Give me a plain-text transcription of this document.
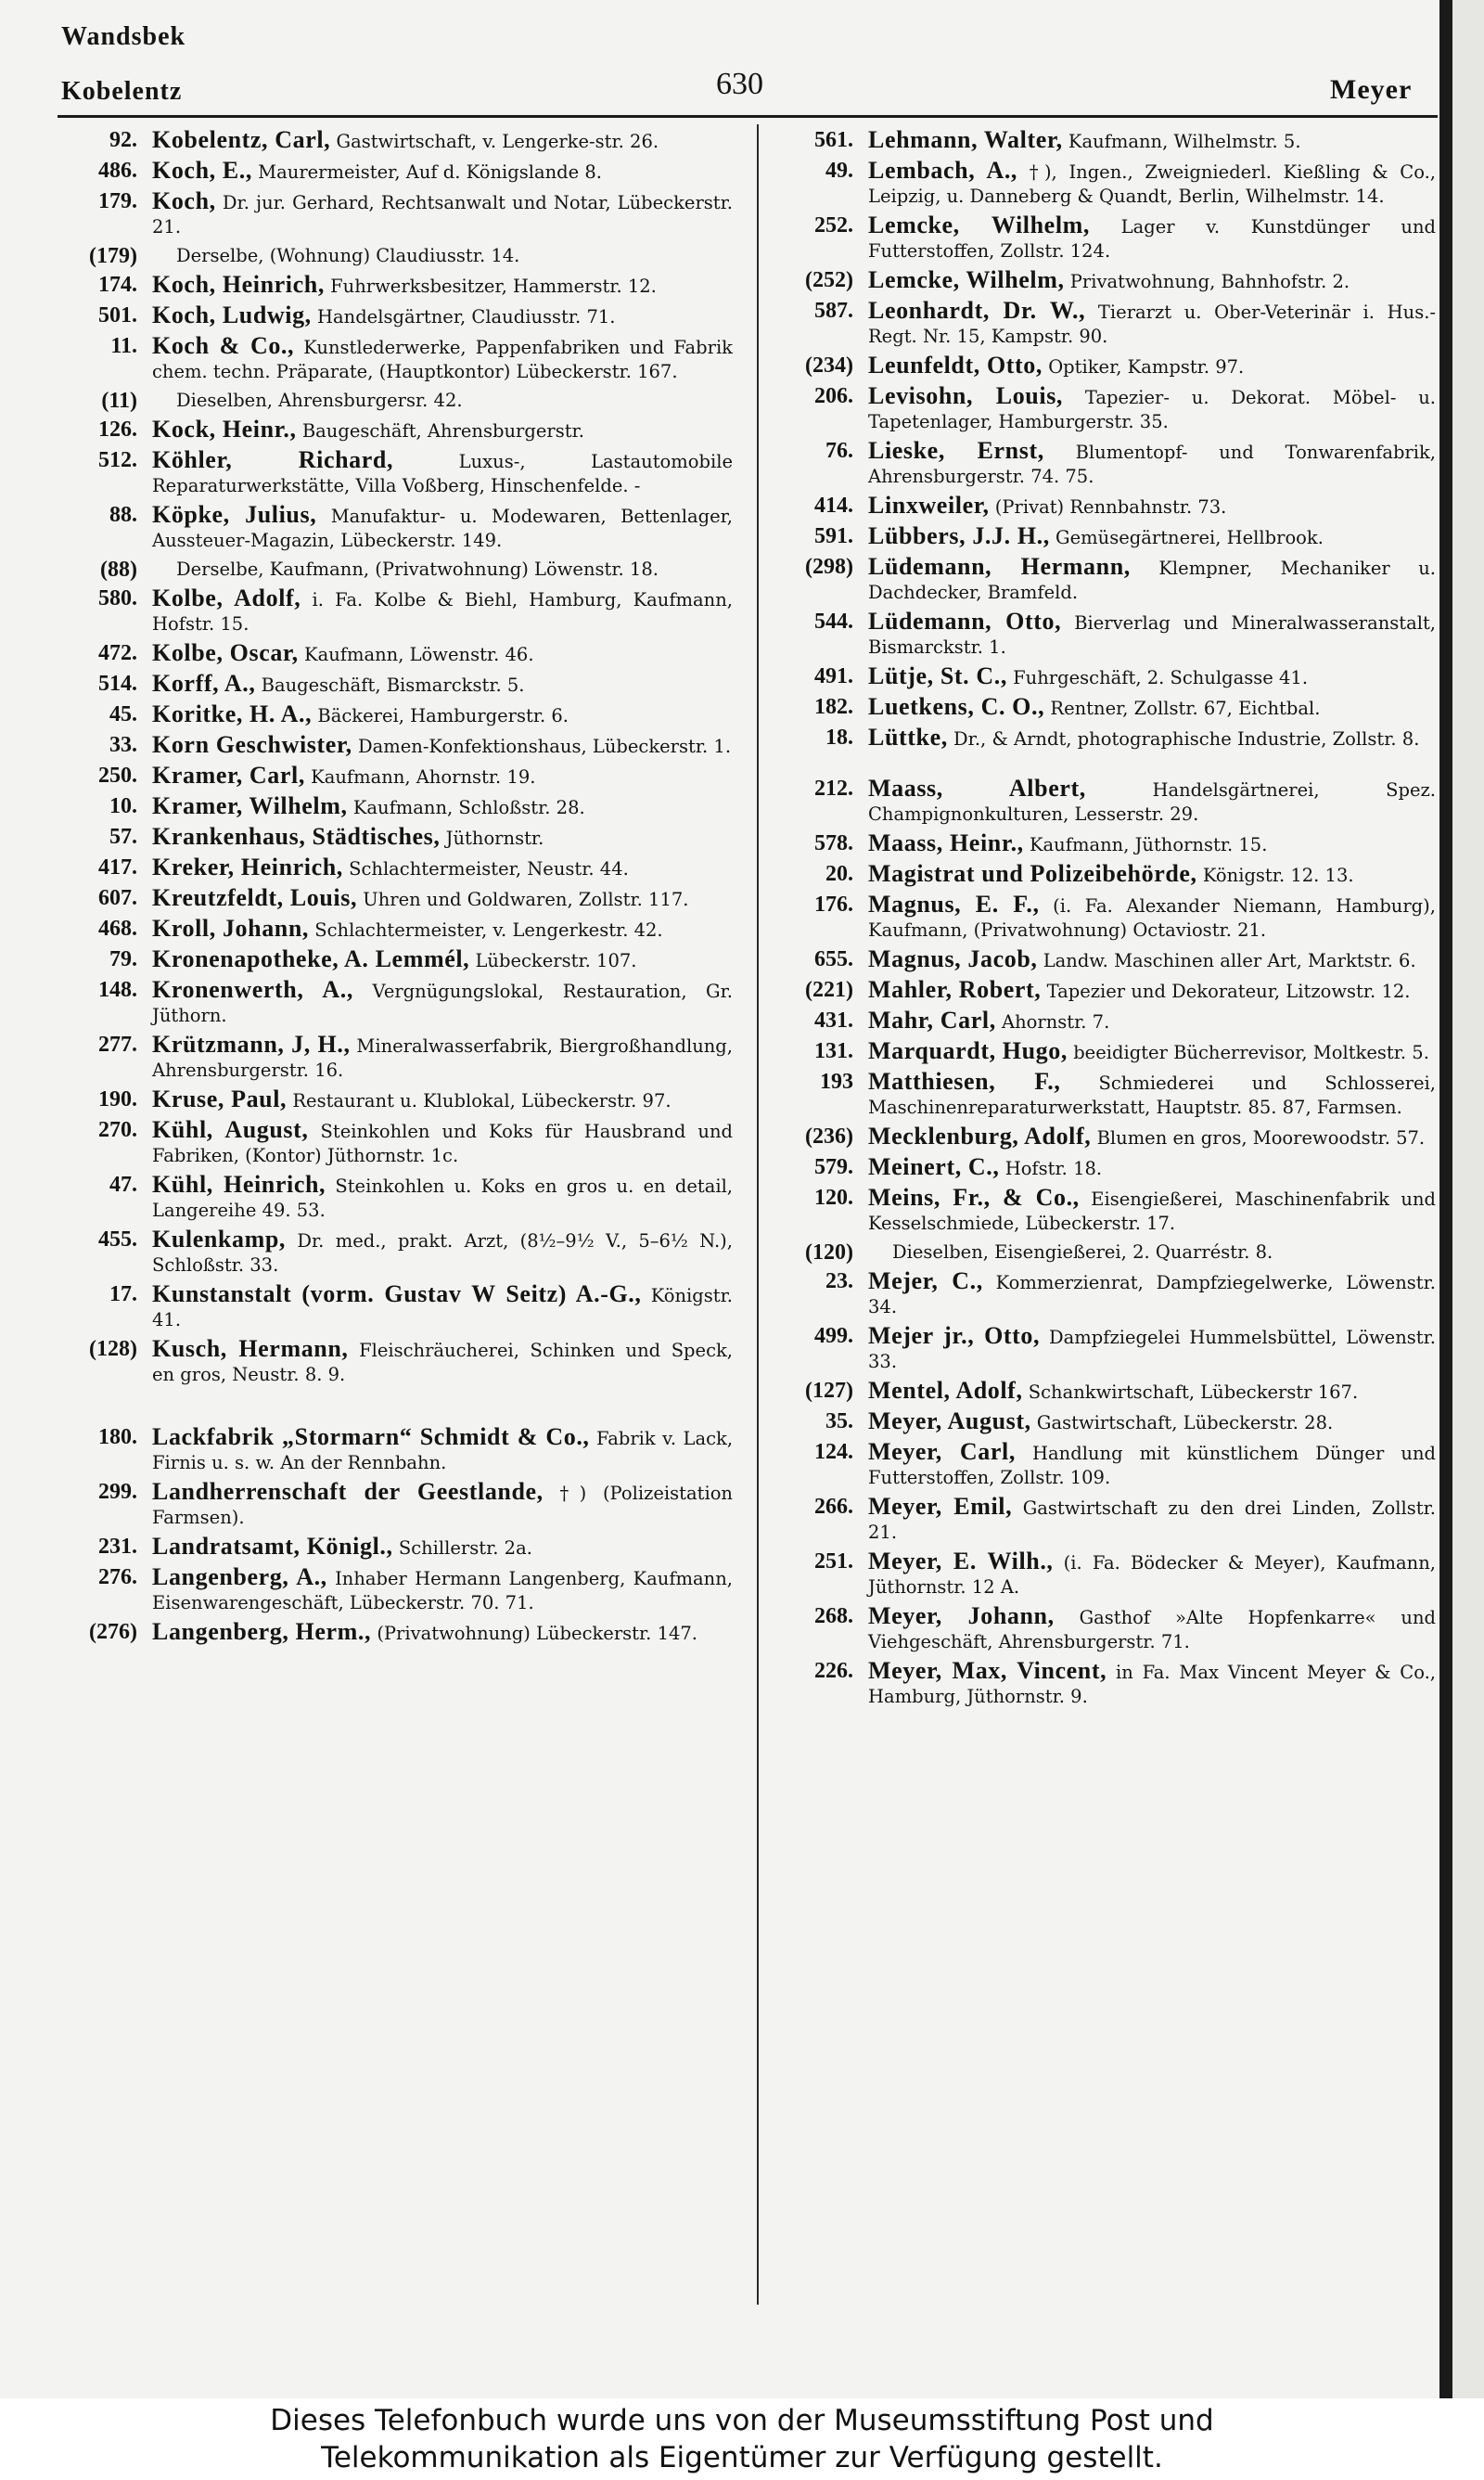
Wandsbek
Kobelentz	630	Meyer
92. Kobelentz, Carl, Gastwirtschaft, v. Lengerke-str. 26.
486. Koch, E., Maurermeister, Auf d. Königslande 8.
179. Koch, Dr. jur. Gerhard, Rechtsanwalt und Notar, Lübeckerstr. 21.
(179)	Derselbe, (Wohnung) Claudiusstr. 14.
174. Koch, Heinrich, Fuhrwerksbesitzer, Hammerstr. 12.
501. Koch, Ludwig, Handelsgärtner, Claudiusstr. 71.
11. Koch & Co., Kunstlederwerke, Pappenfabriken und Fabrik chem. techn. Präparate, (Hauptkontor) Lübeckerstr. 167.
(11)	Dieselben, Ahrensburgersr. 42.
126. Kock, Heinr., Baugeschäft, Ahrensburgerstr.
512. Köhler, Richard,	Luxus-, Lastautomobile Reparaturwerkstätte, Villa Voßberg, Hinschenfelde. -
88. Köpke, Julius, Manufaktur- u. Modewaren, Bettenlager, Aussteuer-Magazin, Lübeckerstr. 149.
(88)	Derselbe, Kaufmann, (Privatwohnung) Löwenstr. 18.
580. Kolbe, Adolf, i. Fa. Kolbe & Biehl, Hamburg, Kaufmann, Hofstr. 15.
472. Kolbe, Oscar, Kaufmann, Löwenstr. 46.
514. Korff, A., Baugeschäft, Bismarckstr. 5.
45. Koritke, H. A., Bäckerei, Hamburgerstr. 6.
33. Korn Geschwister, Damen-Konfektionshaus, Lübeckerstr. 1.
250. Kramer, Carl, Kaufmann, Ahornstr. 19.
10. Kramer, Wilhelm, Kaufmann, Schloßstr. 28.
57. Krankenhaus, Städtisches, Jüthornstr.
417. Kreker, Heinrich, Schlachtermeister, Neustr. 44.
607. Kreutzfeldt, Louis, Uhren und Goldwaren, Zollstr. 117.
468. Kroll, Johann, Schlachtermeister, v. Lengerkestr. 42.
79. Kronenapotheke, A. Lemmél, Lübeckerstr. 107.
148. Kronenwerth, A., Vergnügungslokal, Restauration, Gr. Jüthorn.
277. Krützmann, J, H., Mineralwasserfabrik, Biergroßhandlung, Ahrensburgerstr. 16.
190. Kruse, Paul, Restaurant u. Klublokal, Lübeckerstr. 97.
270. Kühl, August, Steinkohlen und Koks für Hausbrand und Fabriken, (Kontor) Jüthornstr. 1c.
47. Kühl, Heinrich, Steinkohlen u. Koks en gros u. en detail, Langereihe 49. 53.
455. Kulenkamp, Dr. med., prakt. Arzt, (8½–9½ V., 5–6½ N.), Schloßstr. 33.
17. Kunstanstalt (vorm. Gustav W Seitz) A.-G., Königstr. 41.
(128) Kusch, Hermann, Fleischräucherei, Schinken und Speck, en gros, Neustr. 8. 9.
180. Lackfabrik „Stormarn“ Schmidt & Co., Fabrik v. Lack, Firnis u. s. w. An der Rennbahn.
299. Landherrenschaft der Geestlande, †) (Polizeistation Farmsen).
231. Landratsamt, Königl., Schillerstr. 2a.
276. Langenberg, A., Inhaber Hermann Langenberg, Kaufmann, Eisenwarengeschäft, Lübeckerstr. 70. 71.
(276) Langenberg, Herm., (Privatwohnung) Lübeckerstr. 147.
561. Lehmann, Walter, Kaufmann, Wilhelmstr. 5.
49. Lembach, A., †), Ingen., Zweigniederl. Kießling & Co., Leipzig, u. Danneberg & Quandt, Berlin, Wilhelmstr. 14.
252. Lemcke, Wilhelm, Lager v. Kunstdünger und Futterstoffen, Zollstr. 124.
(252) Lemcke, Wilhelm, Privatwohnung, Bahnhofstr. 2.
587. Leonhardt, Dr. W., Tierarzt u. Ober-Veterinär i. Hus.-Regt. Nr. 15, Kampstr. 90.
(234) Leunfeldt, Otto, Optiker, Kampstr. 97.
206. Levisohn, Louis, Tapezier- u. Dekorat. Möbel- u. Tapetenlager, Hamburgerstr. 35.
76. Lieske, Ernst, Blumentopf- und Tonwarenfabrik, Ahrensburgerstr. 74. 75.
414. Linxweiler, (Privat) Rennbahnstr. 73.
591. Lübbers, J.J. H., Gemüsegärtnerei, Hellbrook.
(298) Lüdemann, Hermann, Klempner, Mechaniker u. Dachdecker, Bramfeld.
544. Lüdemann, Otto, Bierverlag und Mineralwasseranstalt, Bismarckstr. 1.
491. Lütje, St. C., Fuhrgeschäft, 2. Schulgasse 41.
182. Luetkens, C. O., Rentner, Zollstr. 67, Eichtbal.
18. Lüttke, Dr., & Arndt, photographische Industrie, Zollstr. 8.
212. Maass, Albert,	Handelsgärtnerei, Spez. Champignonkulturen, Lesserstr. 29.
578. Maass, Heinr., Kaufmann, Jüthornstr. 15.
20. Magistrat und Polizeibehörde, Königstr. 12. 13.
176. Magnus, E. F., (i. Fa. Alexander Niemann, Hamburg), Kaufmann, (Privatwohnung) Octaviostr. 21.
655. Magnus, Jacob, Landw. Maschinen aller Art, Marktstr. 6.
(221) Mahler, Robert, Tapezier und Dekorateur, Litzowstr. 12.
431. Mahr, Carl, Ahornstr. 7.
131. Marquardt, Hugo, beeidigter Bücherrevisor, Moltkestr. 5.
193 Matthiesen, F., Schmiederei und Schlosserei, Maschinenreparaturwerkstatt, Hauptstr. 85. 87, Farmsen.
(236) Mecklenburg, Adolf, Blumen en gros, Moorewoodstr. 57.
579. Meinert, C., Hofstr. 18.
120. Meins, Fr., & Co., Eisengießerei, Maschinenfabrik und Kesselschmiede, Lübeckerstr. 17.
(120)	Dieselben, Eisengießerei, 2. Quarréstr. 8.
23. Mejer, C., Kommerzienrat, Dampfziegelwerke, Löwenstr. 34.
499. Mejer jr., Otto, Dampfziegelei Hummelsbüttel, Löwenstr. 33.
(127) Mentel, Adolf, Schankwirtschaft, Lübeckerstr 167.
35. Meyer, August, Gastwirtschaft, Lübeckerstr. 28.
124. Meyer, Carl, Handlung mit künstlichem Dünger und Futterstoffen, Zollstr. 109.
266. Meyer, Emil, Gastwirtschaft zu den drei Linden, Zollstr. 21.
251. Meyer, E. Wilh., (i. Fa. Bödecker & Meyer), Kaufmann, Jüthornstr. 12 A.
268. Meyer, Johann, Gasthof »Alte Hopfenkarre« und Viehgeschäft, Ahrensburgerstr. 71.
226. Meyer, Max, Vincent, in Fa. Max Vincent Meyer & Co., Hamburg, Jüthornstr. 9.
Dieses Telefonbuch wurde uns von der Museumsstiftung Post und
Telekommunikation als Eigentümer zur Verfügung gestellt.
